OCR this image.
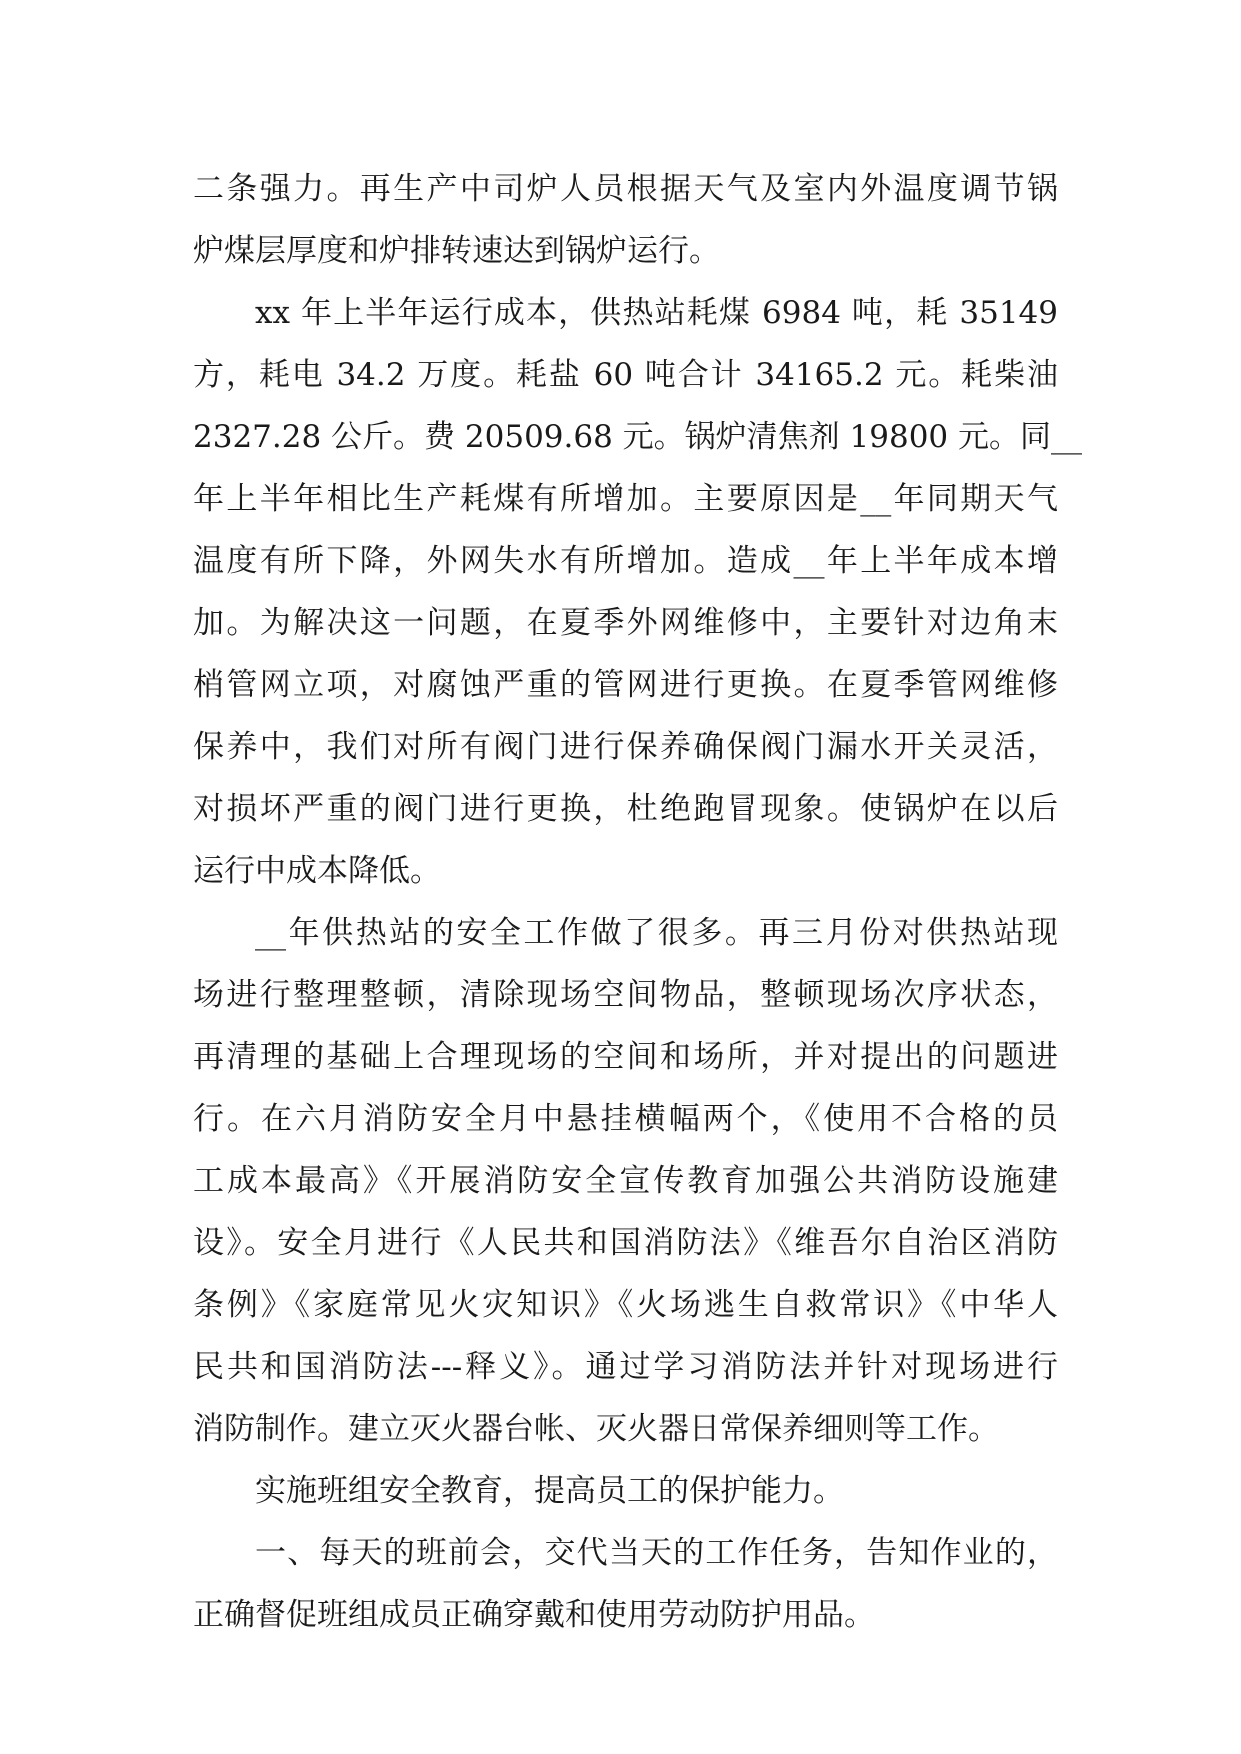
二条强力。再生产中司炉人员根据天气及室内外温度调节锅
炉煤层厚度和炉排转速达到锅炉运行。
xx 年上半年运行成本，供热站耗煤 6984 吨，耗 35149
方，耗电 34.2 万度。耗盐 60 吨合计 34165.2 元。耗柴油
2327.28 公斤。费 20509.68 元。锅炉清焦剂 19800 元。同__
年上半年相比生产耗煤有所增加。主要原因是__年同期天气
温度有所下降，外网失水有所增加。造成__年上半年成本增
加。为解决这一问题，在夏季外网维修中，主要针对边角末
梢管网立项，对腐蚀严重的管网进行更换。在夏季管网维修
保养中，我们对所有阀门进行保养确保阀门漏水开关灵活，
对损坏严重的阀门进行更换，杜绝跑冒现象。使锅炉在以后
运行中成本降低。
__年供热站的安全工作做了很多。再三月份对供热站现
场进行整理整顿，清除现场空间物品，整顿现场次序状态，
再清理的基础上合理现场的空间和场所，并对提出的问题进
行。在六月消防安全月中悬挂横幅两个，《使用不合格的员
工成本最高》《开展消防安全宣传教育加强公共消防设施建
设》。安全月进行《人民共和国消防法》《维吾尔自治区消防
条例》《家庭常见火灾知识》《火场逃生自救常识》《中华人
民共和国消防法---释义》。通过学习消防法并针对现场进行
消防制作。建立灭火器台帐、灭火器日常保养细则等工作。
实施班组安全教育，提高员工的保护能力。
一、每天的班前会，交代当天的工作任务，告知作业的，
正确督促班组成员正确穿戴和使用劳动防护用品。
